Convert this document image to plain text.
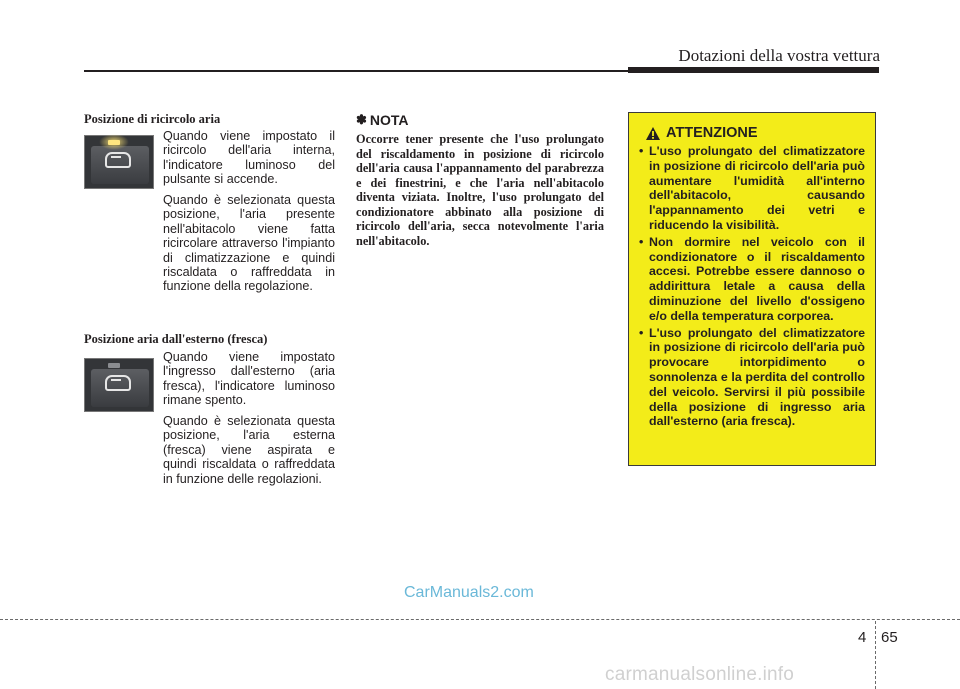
Dotazioni della vostra vettura
Posizione di ricircolo aria

Quando viene impostato il ricircolo dell'aria interna, l'indicatore luminoso del pulsante si accende.

Quando è selezionata questa posizione, l'aria presente nell'abitacolo viene fatta ricircolare attraverso l'impianto di climatizzazione e quindi riscaldata o raffreddata in funzione della regolazione.

Posizione aria dall'esterno (fresca)

Quando viene impostato l'ingresso dall'esterno (aria fresca), l'indicatore luminoso rimane spento.

Quando è selezionata questa posizione, l'aria esterna (fresca) viene aspirata e quindi riscaldata o raffreddata in funzione delle regolazioni.

✽ NOTA

Occorre tener presente che l'uso prolungato del riscaldamento in posizione di ricircolo dell'aria causa l'appannamento del parabrezza e dei finestrini, e che l'aria nell'abitacolo diventa viziata. Inoltre, l'uso prolungato del condizionatore abbinato alla posizione di ricircolo dell'aria, secca notevolmente l'aria nell'abitacolo.

ATTENZIONE
• L'uso prolungato del climatizzatore in posizione di ricircolo dell'aria può aumentare l'umidità all'interno dell'abitacolo, causando l'appannamento dei vetri e riducendo la visibilità.
• Non dormire nel veicolo con il condizionatore o il riscaldamento accesi. Potrebbe essere dannoso o addirittura letale a causa della diminuzione del livello d'ossigeno e/o della temperatura corporea.
• L'uso prolungato del climatizzatore in posizione di ricircolo dell'aria può provocare intorpidimento o sonnolenza e la perdita del controllo del veicolo. Servirsi il più possibile della posizione di ingresso aria dall'esterno (aria fresca).
CarManuals2.com
4 65
carmanualsonline.info
